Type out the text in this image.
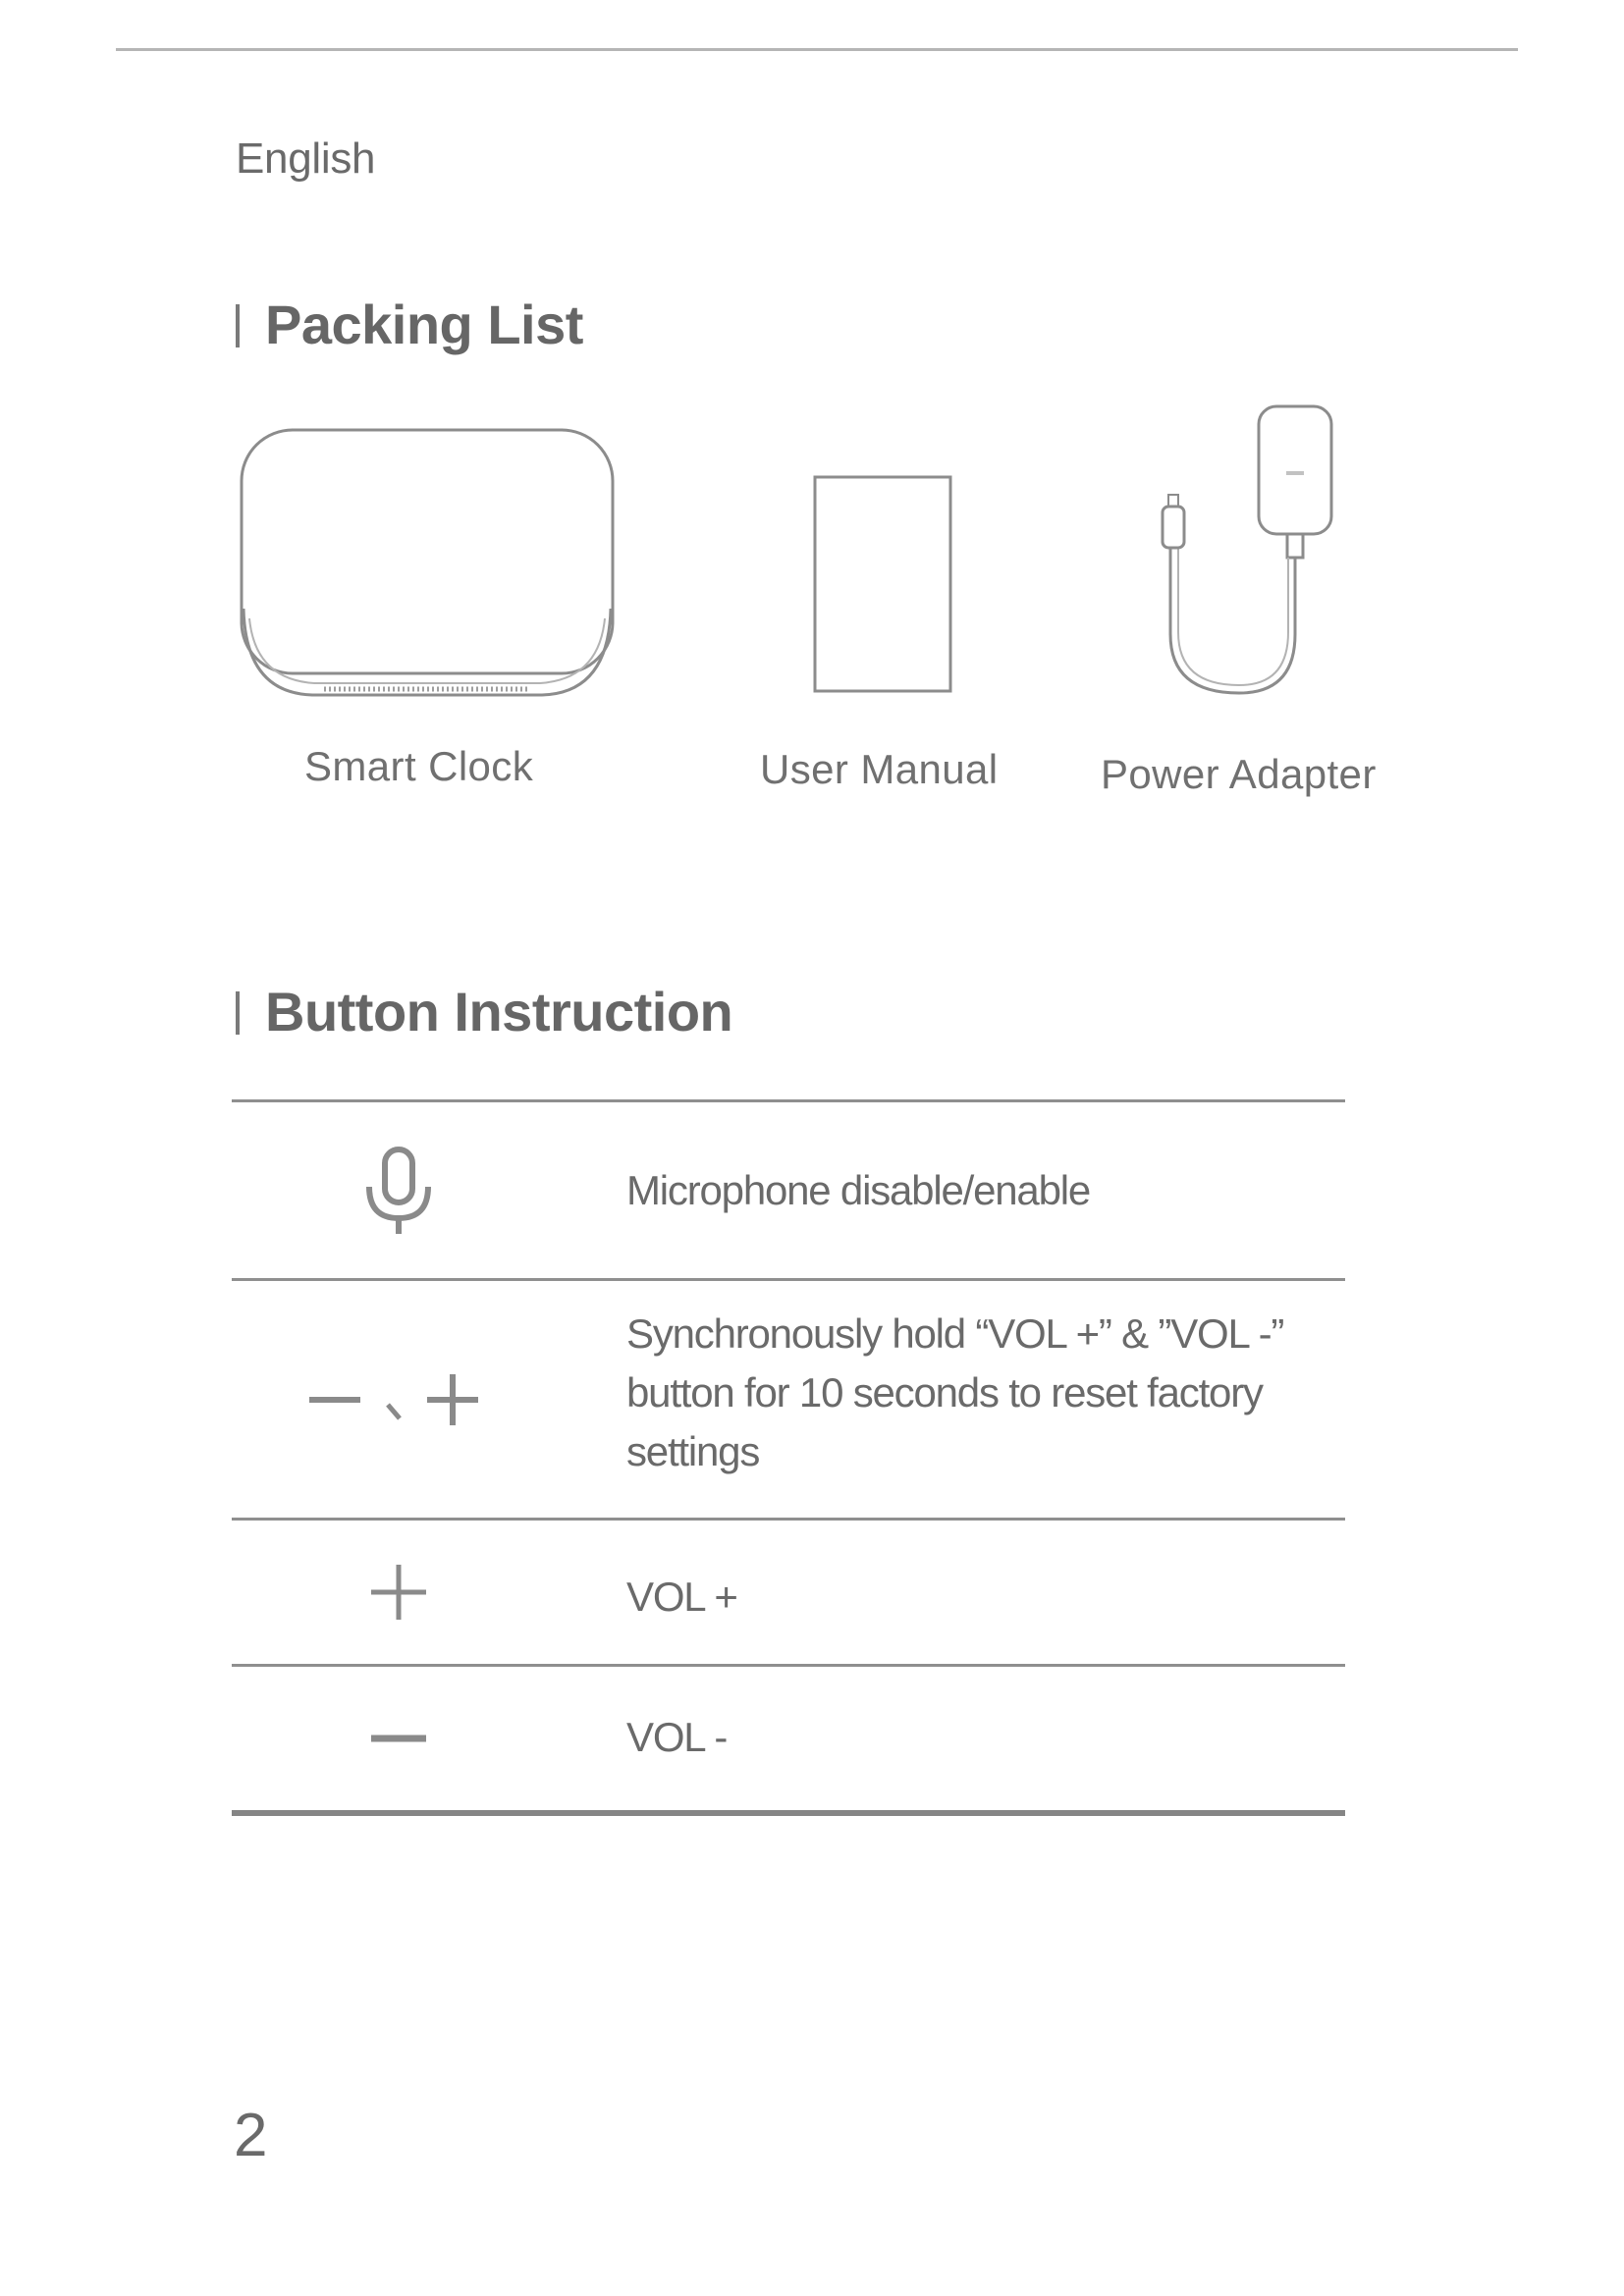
English
Packing List
Smart Clock	User Manual Power Adapter
Button Instruction
Microphone disable/enable
Synchronously hold “VOL +” & ”VOL -” button for 10 seconds to reset factory settings
VOL +
VOL -
2
